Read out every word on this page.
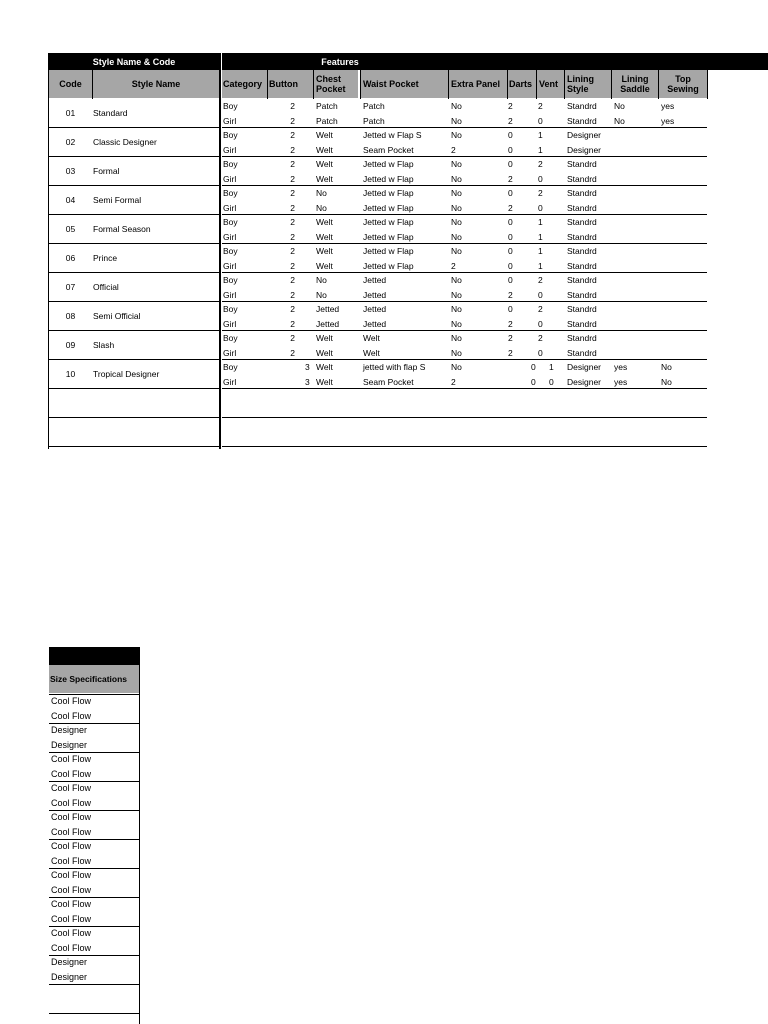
Style Name & Code	Features
Code	Style Name	Category Button	Chest Pocket	Waist Pocket	Extra Panel Darts Vent Lining Style
Lining Saddle
Top Sewing
01	Standard
Boy	2 Patch	Patch	No	2	2	Standrd	No	yes
Girl	2 Patch	Patch	No	2	0	Standrd	No	yes
02	Classic Designer
Boy	2 Welt	Jetted w Flap S	No	0	1	Designer
Girl	2 Welt	Seam Pocket	2	0	1	Designer
03	Formal
Boy	2 Welt	Jetted w Flap	No	0	2	Standrd
Girl	2 Welt	Jetted w Flap	No	2	0	Standrd
04	Semi Formal
Boy	2 No	Jetted w Flap	No	0	2	Standrd
Girl	2 No	Jetted w Flap	No	2	0	Standrd
05	Formal Season
Boy	2 Welt	Jetted w Flap	No	0	1	Standrd
Girl	2 Welt	Jetted w Flap	No	0	1	Standrd
06	Prince
Boy	2 Welt	Jetted w Flap	No	0	1	Standrd
Girl	2 Welt	Jetted w Flap	2	0	1	Standrd
07	Official
Boy	2 No	Jetted	No	0	2	Standrd
Girl	2 No	Jetted	No	2	0	Standrd
08	Semi Official
Boy	2 Jetted	Jetted	No	0	2	Standrd
Girl	2 Jetted	Jetted	No	2	0	Standrd
09	Slash
Boy	2 Welt	Welt	No	2	2	Standrd
Girl	2 Welt	Welt	No	2	0	Standrd
10	Tropical Designer
Boy	3 Welt	jetted with flap S	No	0	1	Designer	yes	No
Girl	3 Welt	Seam Pocket	2	0	0	Designer	yes	No
Size Specifications
Cool Flow
Cool Flow
Designer
Designer
Cool Flow
Cool Flow
Cool Flow
Cool Flow
Cool Flow
Cool Flow
Cool Flow
Cool Flow
Cool Flow
Cool Flow
Cool Flow
Cool Flow
Cool Flow
Cool Flow
Designer
Designer
